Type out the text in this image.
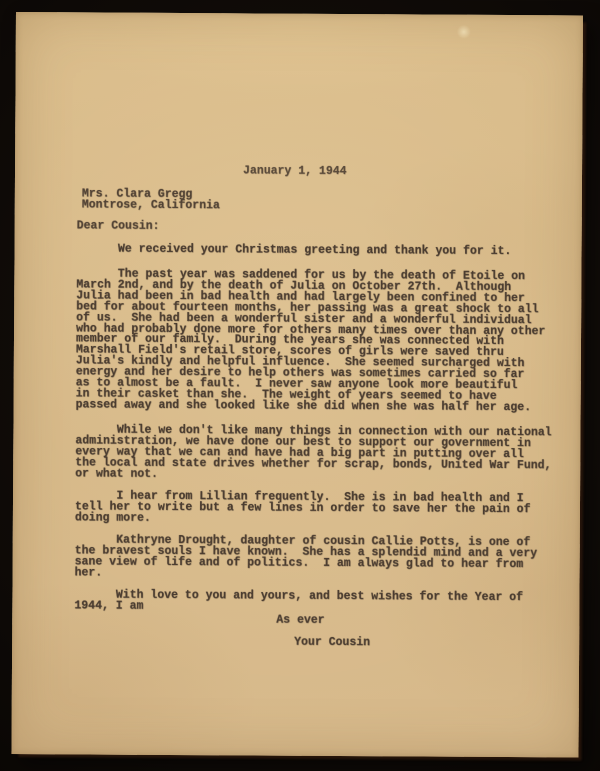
January 1, 1944
Mrs. Clara Gregg
Montrose, California
Dear Cousin:
We received your Christmas greeting and thank you for it.
The past year was saddened for us by the death of Etoile on
March 2nd, and by the death of Julia on October 27th.  Although
Julia had been in bad health and had largely been confined to her
bed for about fourteen months, her passing was a great shock to all
of us.  She had been a wonderful sister and a wonderful individual
who had probably done more for others many times over than any other
member of our family.  During the years she was connected with
Marshall Field's retail store, scores of girls were saved thru
Julia's kindly and helpful influence.  She seemed surcharged with
energy and her desire to help others was sometimes carried so far
as to almost be a fault.  I never saw anyone look more beautiful
in their casket than she.  The weight of years seemed to have
passed away and she looked like she did when she was half her age.
While we don't like many things in connection with our national
administration, we have done our best to support our government in
every way that we can and have had a big part in putting over all
the local and state drives whether for scrap, bonds, United War Fund,
or what not.
I hear from Lillian frequently.  She is in bad health and I
tell her to write but a few lines in order to save her the pain of
doing more.
Kathryne Drought, daughter of cousin Callie Potts, is one of
the bravest souls I have known.  She has a splendid mind and a very
sane view of life and of politics.  I am always glad to hear from
her.
With love to you and yours, and best wishes for the Year of
1944, I am
As ever
Your Cousin
